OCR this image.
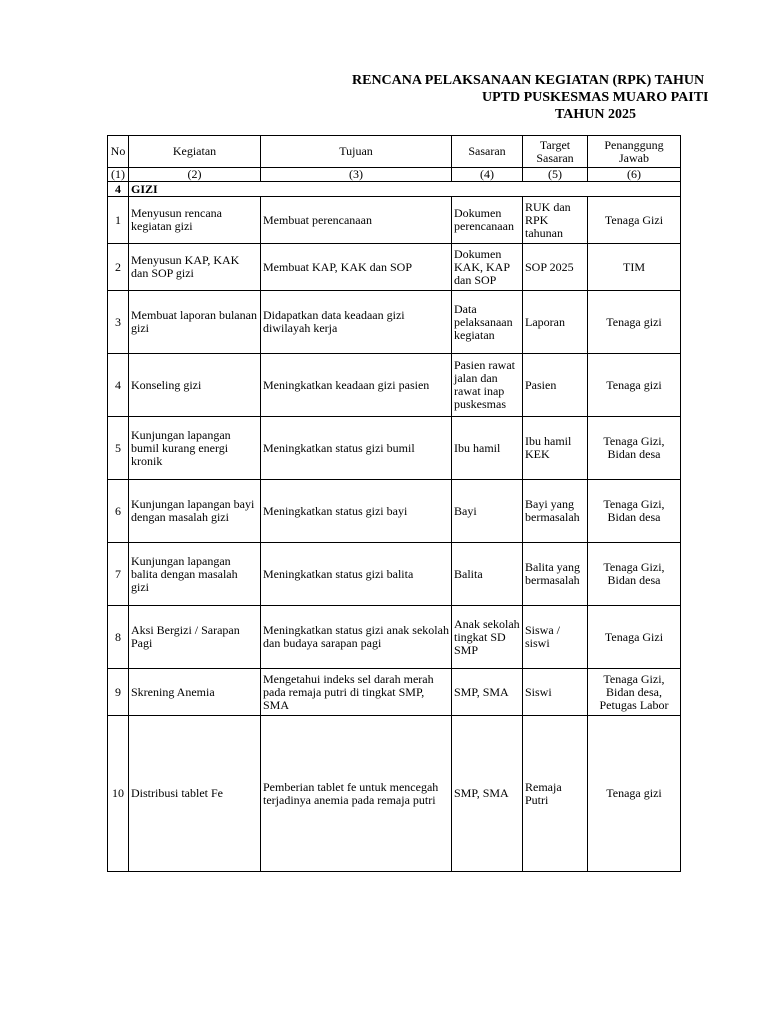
RENCANA PELAKSANAAN KEGIATAN (RPK) TAHUN
UPTD PUSKESMAS MUARO PAITI
TAHUN 2025
No	Kegiatan	Tujuan	Sasaran	Target Sasaran	Penanggung Jawab
(1)	(2)	(3)	(4)	(5)	(6)
4	GIZI				
1	Menyusun rencana kegiatan gizi	Membuat perencanaan	Dokumen perencanaan	RUK dan RPK tahunan	Tenaga Gizi
2	Menyusun KAP, KAK dan SOP gizi	Membuat KAP, KAK dan SOP	Dokumen KAK, KAP dan SOP	SOP 2025	TIM
3	Membuat laporan bulanan gizi	Didapatkan data keadaan gizi diwilayah kerja	Data pelaksanaan kegiatan	Laporan	Tenaga gizi
4	Konseling gizi	Meningkatkan keadaan gizi pasien	Pasien rawat jalan dan rawat inap puskesmas	Pasien	Tenaga gizi
5	Kunjungan lapangan bumil kurang energi kronik	Meningkatkan status gizi bumil	Ibu hamil	Ibu hamil KEK	Tenaga Gizi, Bidan desa
6	Kunjungan lapangan bayi dengan masalah gizi	Meningkatkan status gizi bayi	Bayi	Bayi yang bermasalah	Tenaga Gizi, Bidan desa
7	Kunjungan lapangan balita dengan masalah gizi	Meningkatkan status gizi balita	Balita	Balita yang bermasalah	Tenaga Gizi, Bidan desa
8	Aksi Bergizi / Sarapan Pagi	Meningkatkan status gizi anak sekolah dan budaya sarapan pagi	Anak sekolah tingkat SD SMP	Siswa / siswi	Tenaga Gizi
9	Skrening Anemia	Mengetahui indeks sel darah merah pada remaja putri di tingkat SMP, SMA	SMP, SMA	Siswi	Tenaga Gizi, Bidan desa, Petugas Labor
10	Distribusi tablet Fe	Pemberian tablet fe untuk mencegah terjadinya anemia pada remaja putri	SMP, SMA	Remaja Putri	Tenaga gizi
